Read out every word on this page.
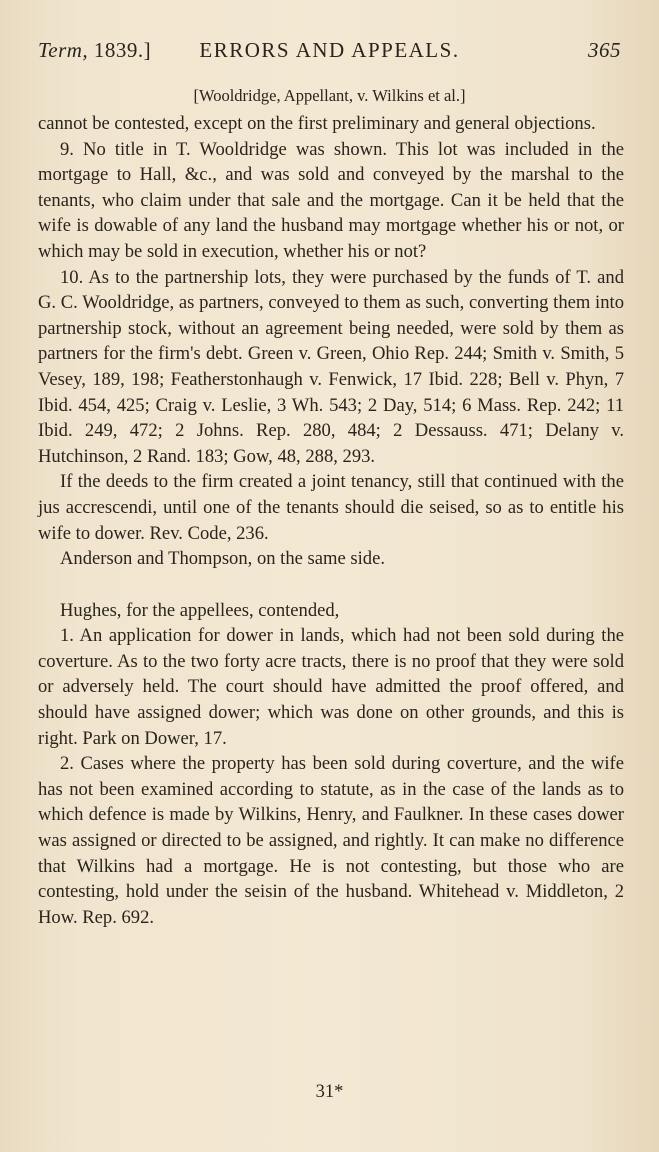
Term, 1839.]	ERRORS AND APPEALS.	365
[Wooldridge, Appellant, v. Wilkins et al.]

cannot be contested, except on the first preliminary and general objections.

9. No title in T. Wooldridge was shown. This lot was included in the mortgage to Hall, &c., and was sold and conveyed by the marshal to the tenants, who claim under that sale and the mortgage. Can it be held that the wife is dowable of any land the husband may mortgage whether his or not, or which may be sold in execution, whether his or not?

10. As to the partnership lots, they were purchased by the funds of T. and G. C. Wooldridge, as partners, conveyed to them as such, converting them into partnership stock, without an agreement being needed, were sold by them as partners for the firm's debt. Green v. Green, Ohio Rep. 244; Smith v. Smith, 5 Vesey, 189, 198; Featherstonhaugh v. Fenwick, 17 Ibid. 228; Bell v. Phyn, 7 Ibid. 454, 425; Craig v. Leslie, 3 Wh. 543; 2 Day, 514; 6 Mass. Rep. 242; 11 Ibid. 249, 472; 2 Johns. Rep. 280, 484; 2 Dessauss. 471; Delany v. Hutchinson, 2 Rand. 183; Gow, 48, 288, 293.

If the deeds to the firm created a joint tenancy, still that continued with the jus accrescendi, until one of the tenants should die seised, so as to entitle his wife to dower. Rev. Code, 236.

Anderson and Thompson, on the same side.

Hughes, for the appellees, contended,

1. An application for dower in lands, which had not been sold during the coverture. As to the two forty acre tracts, there is no proof that they were sold or adversely held. The court should have admitted the proof offered, and should have assigned dower; which was done on other grounds, and this is right. Park on Dower, 17.

2. Cases where the property has been sold during coverture, and the wife has not been examined according to statute, as in the case of the lands as to which defence is made by Wilkins, Henry, and Faulkner. In these cases dower was assigned or directed to be assigned, and rightly. It can make no difference that Wilkins had a mortgage. He is not contesting, but those who are contesting, hold under the seisin of the husband. Whitehead v. Middleton, 2 How. Rep. 692.

31*
